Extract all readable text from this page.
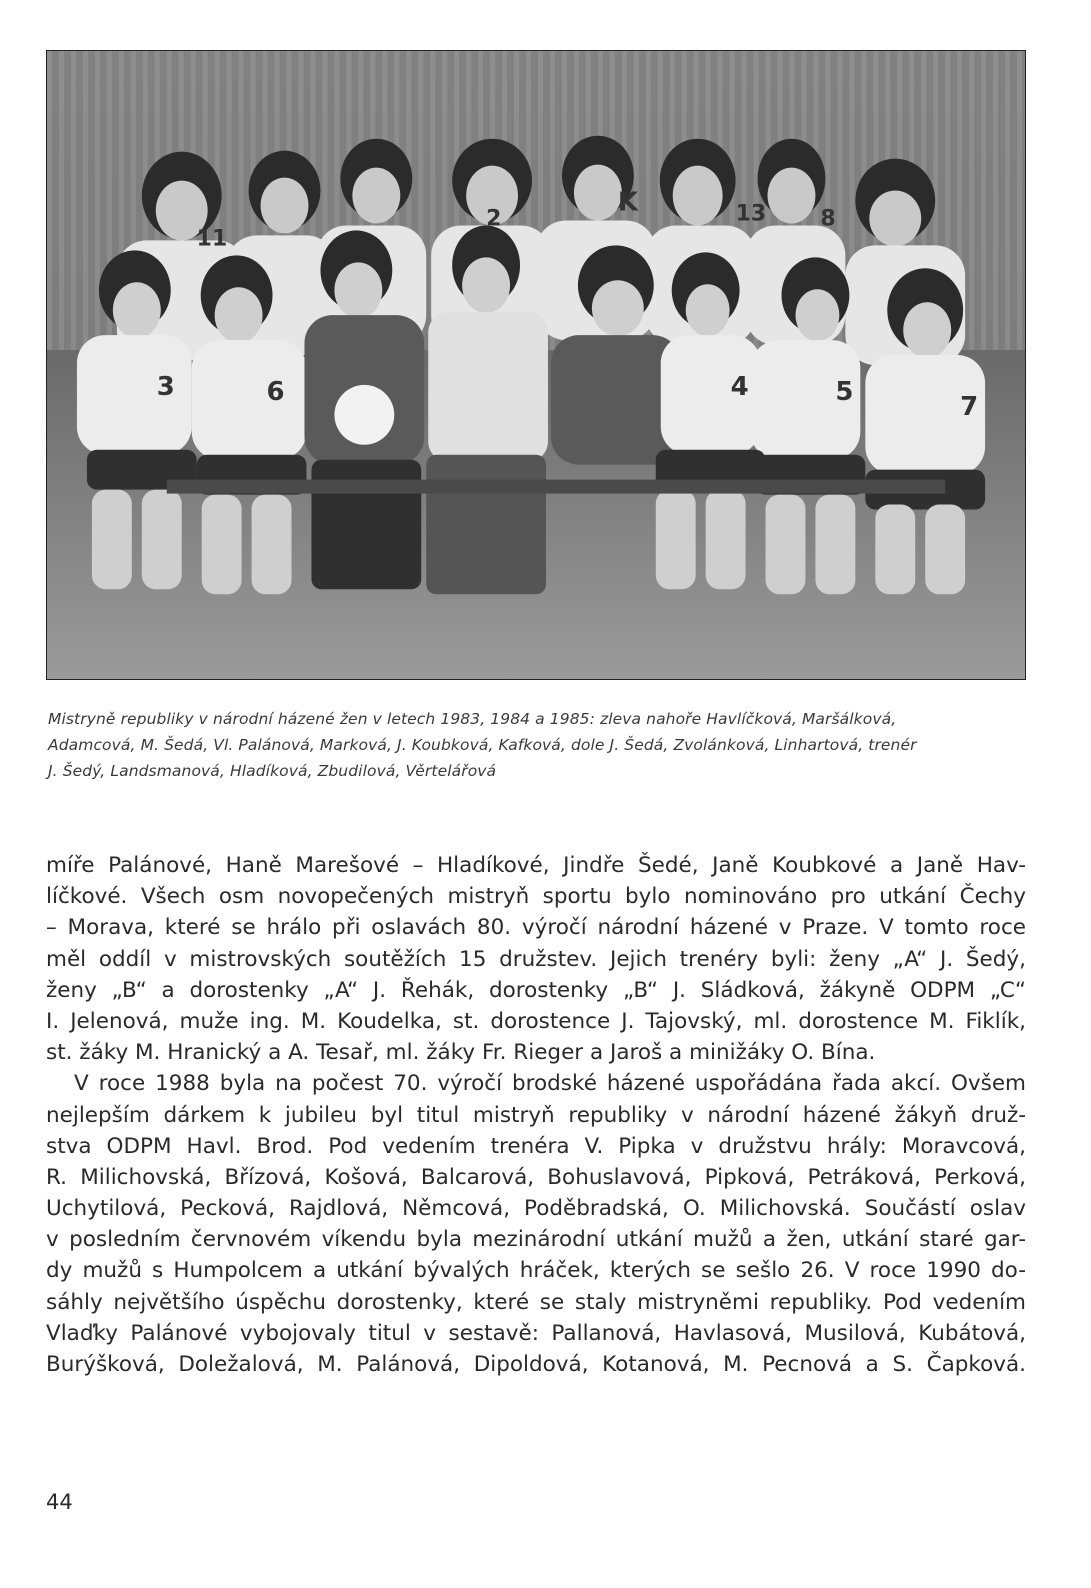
11
2
K	13 8
3	6	4	5	7
Mistryně republiky v národní házené žen v letech 1983, 1984 a 1985: zleva nahoře Havlíčková, Maršálková,
Adamcová, M. Šedá, Vl. Palánová, Marková, J. Koubková, Kafková, dole J. Šedá, Zvolánková, Linhartová, trenér
J. Šedý, Landsmanová, Hladíková, Zbudilová, Věrtelářová
míře Palánové, Haně Marešové – Hladíkové, Jindře Šedé, Janě Koubkové a Janě Hav-
líčkové. Všech osm novopečených mistryň sportu bylo nominováno pro utkání Čechy
– Morava, které se hrálo při oslavách 80. výročí národní házené v Praze. V tomto roce
měl oddíl v mistrovských soutěžích 15 družstev. Jejich trenéry byli: ženy „A“ J. Šedý,
ženy „B“ a dorostenky „A“ J. Řehák, dorostenky „B“ J. Sládková, žákyně ODPM „C“
I. Jelenová, muže ing. M. Koudelka, st. dorostence J. Tajovský, ml. dorostence M. Fiklík,
st. žáky M. Hranický a A. Tesař, ml. žáky Fr. Rieger a Jaroš a minižáky O. Bína.
V roce 1988 byla na počest 70. výročí brodské házené uspořádána řada akcí. Ovšem
nejlepším dárkem k jubileu byl titul mistryň republiky v národní házené žákyň druž-
stva ODPM Havl. Brod. Pod vedením trenéra V. Pipka v družstvu hrály: Moravcová,
R. Milichovská, Břízová, Košová, Balcarová, Bohuslavová, Pipková, Petráková, Perková,
Uchytilová, Pecková, Rajdlová, Němcová, Poděbradská, O. Milichovská. Součástí oslav
v posledním červnovém víkendu byla mezinárodní utkání mužů a žen, utkání staré gar-
dy mužů s Humpolcem a utkání bývalých hráček, kterých se sešlo 26. V roce 1990 do-
sáhly největšího úspěchu dorostenky, které se staly mistryněmi republiky. Pod vedením
Vlaďky Palánové vybojovaly titul v sestavě: Pallanová, Havlasová, Musilová, Kubátová,
Burýšková, Doležalová, M. Palánová, Dipoldová, Kotanová, M. Pecnová a S. Čapková.
44
